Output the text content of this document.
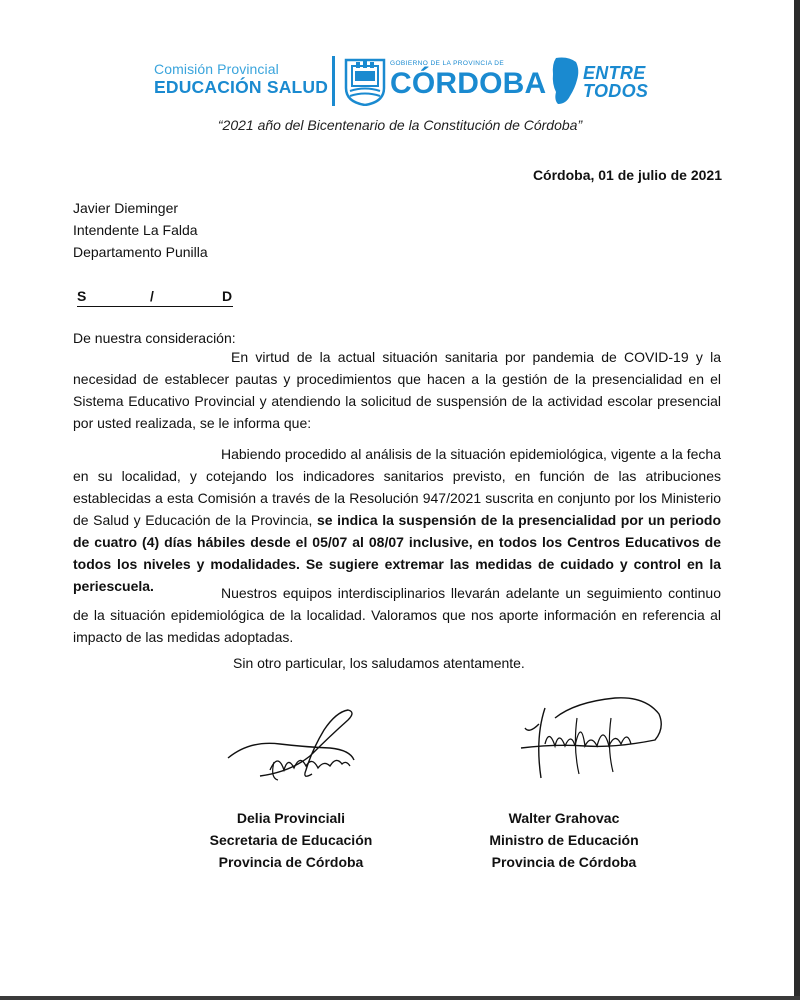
Comisión Provincial
EDUCACIÓN SALUD
GOBIERNO DE LA PROVINCIA DE
CÓRDOBA ENTRE
TODOS
“2021 año del Bicentenario de la Constitución de Córdoba”
Córdoba, 01 de julio de 2021
Javier Dieminger
Intendente La Falda
Departamento Punilla
S	/	D
De nuestra consideración:
En virtud de la actual situación sanitaria por pandemia de COVID-19 y la necesidad de establecer pautas y procedimientos que hacen a la gestión de la presencialidad en el Sistema Educativo Provincial y atendiendo la solicitud de suspensión de la actividad escolar presencial por usted realizada, se le informa que:
Habiendo procedido al análisis de la situación epidemiológica, vigente a la fecha en su localidad, y cotejando los indicadores sanitarios previsto, en función de las atribuciones establecidas a esta Comisión a través de la Resolución 947/2021 suscrita en conjunto por los Ministerio de Salud y Educación de la Provincia, se indica la suspensión de la presencialidad por un periodo de cuatro (4) días hábiles desde el 05/07 al 08/07 inclusive, en todos los Centros Educativos de todos los niveles y modalidades. Se sugiere extremar las medidas de cuidado y control en la periescuela.	Nuestros equipos interdisciplinarios llevarán adelante un seguimiento continuo de la situación epidemiológica de la localidad. Valoramos que nos aporte información en referencia al impacto de las medidas adoptadas.
Sin otro particular, los saludamos atentamente.
Delia Provinciali
Secretaria de Educación
Provincia de Córdoba
Walter Grahovac
Ministro de Educación
Provincia de Córdoba
